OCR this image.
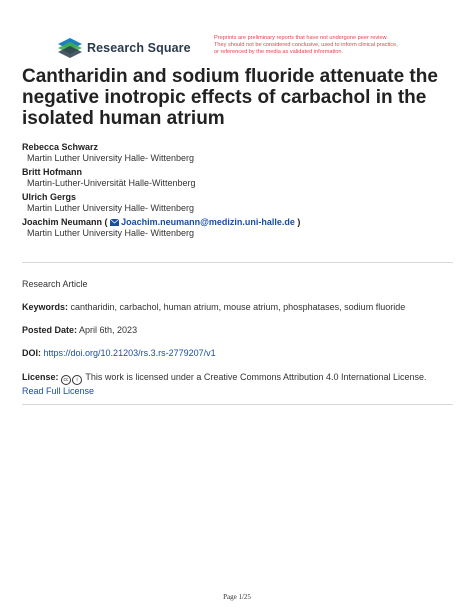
Research Square
Preprints are preliminary reports that have not undergone peer review.
They should not be considered conclusive, used to inform clinical practice,
or referenced by the media as validated information.
Cantharidin and sodium fluoride attenuate the negative inotropic effects of carbachol in the isolated human atrium
Rebecca Schwarz
Martin Luther University Halle- Wittenberg
Britt Hofmann
Martin-Luther-Universität Halle-Wittenberg
Ulrich Gergs
Martin Luther University Halle- Wittenberg
Joachim Neumann ( Joachim.neumann@medizin.uni-halle.de )
Martin Luther University Halle- Wittenberg
Research Article
Keywords: cantharidin, carbachol, human atrium, mouse atrium, phosphatases, sodium fluoride
Posted Date: April 6th, 2023
DOI: https://doi.org/10.21203/rs.3.rs-2779207/v1
License: cc i This work is licensed under a Creative Commons Attribution 4.0 International License.
Read Full License
Page 1/25
